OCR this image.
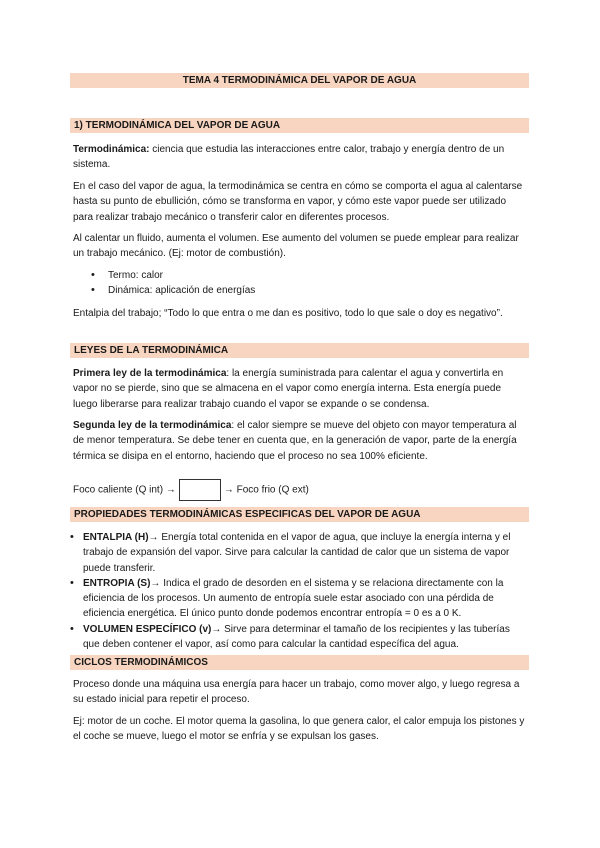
TEMA 4 TERMODINÁMICA DEL VAPOR DE AGUA
1) TERMODINÁMICA DEL VAPOR DE AGUA
Termodinámica: ciencia que estudia las interacciones entre calor, trabajo y energía dentro de un sistema.
En el caso del vapor de agua, la termodinámica se centra en cómo se comporta el agua al calentarse hasta su punto de ebullición, cómo se transforma en vapor, y cómo este vapor puede ser utilizado para realizar trabajo mecánico o transferir calor en diferentes procesos.
Al calentar un fluido, aumenta el volumen. Ese aumento del volumen se puede emplear para realizar un trabajo mecánico. (Ej: motor de combustión).
• Termo: calor
• Dinámica: aplicación de energías
Entalpia del trabajo; “Todo lo que entra o me dan es positivo, todo lo que sale o doy es negativo”.
LEYES DE LA TERMODINÁMICA
Primera ley de la termodinámica: la energía suministrada para calentar el agua y convertirla en vapor no se pierde, sino que se almacena en el vapor como energía interna. Esta energía puede luego liberarse para realizar trabajo cuando el vapor se expande o se condensa.
Segunda ley de la termodinámica: el calor siempre se mueve del objeto con mayor temperatura al de menor temperatura. Se debe tener en cuenta que, en la generación de vapor, parte de la energía térmica se disipa en el entorno, haciendo que el proceso no sea 100% eficiente.
Foco caliente (Q int) →	→ Foco frio (Q ext)
PROPIEDADES TERMODINÁMICAS ESPECIFICAS DEL VAPOR DE AGUA
• ENTALPIA (H)→ Energía total contenida en el vapor de agua, que incluye la energía interna y el trabajo de expansión del vapor. Sirve para calcular la cantidad de calor que un sistema de vapor puede transferir.
• ENTROPIA (S)→ Indica el grado de desorden en el sistema y se relaciona directamente con la eficiencia de los procesos. Un aumento de entropía suele estar asociado con una pérdida de eficiencia energética. El único punto donde podemos encontrar entropía = 0 es a 0 K.
• VOLUMEN ESPECÍFICO (v)→ Sirve para determinar el tamaño de los recipientes y las tuberías que deben contener el vapor, así como para calcular la cantidad específica del agua.
CICLOS TERMODINÁMICOS
Proceso donde una máquina usa energía para hacer un trabajo, como mover algo, y luego regresa a su estado inicial para repetir el proceso.
Ej: motor de un coche. El motor quema la gasolina, lo que genera calor, el calor empuja los pistones y el coche se mueve, luego el motor se enfría y se expulsan los gases.
